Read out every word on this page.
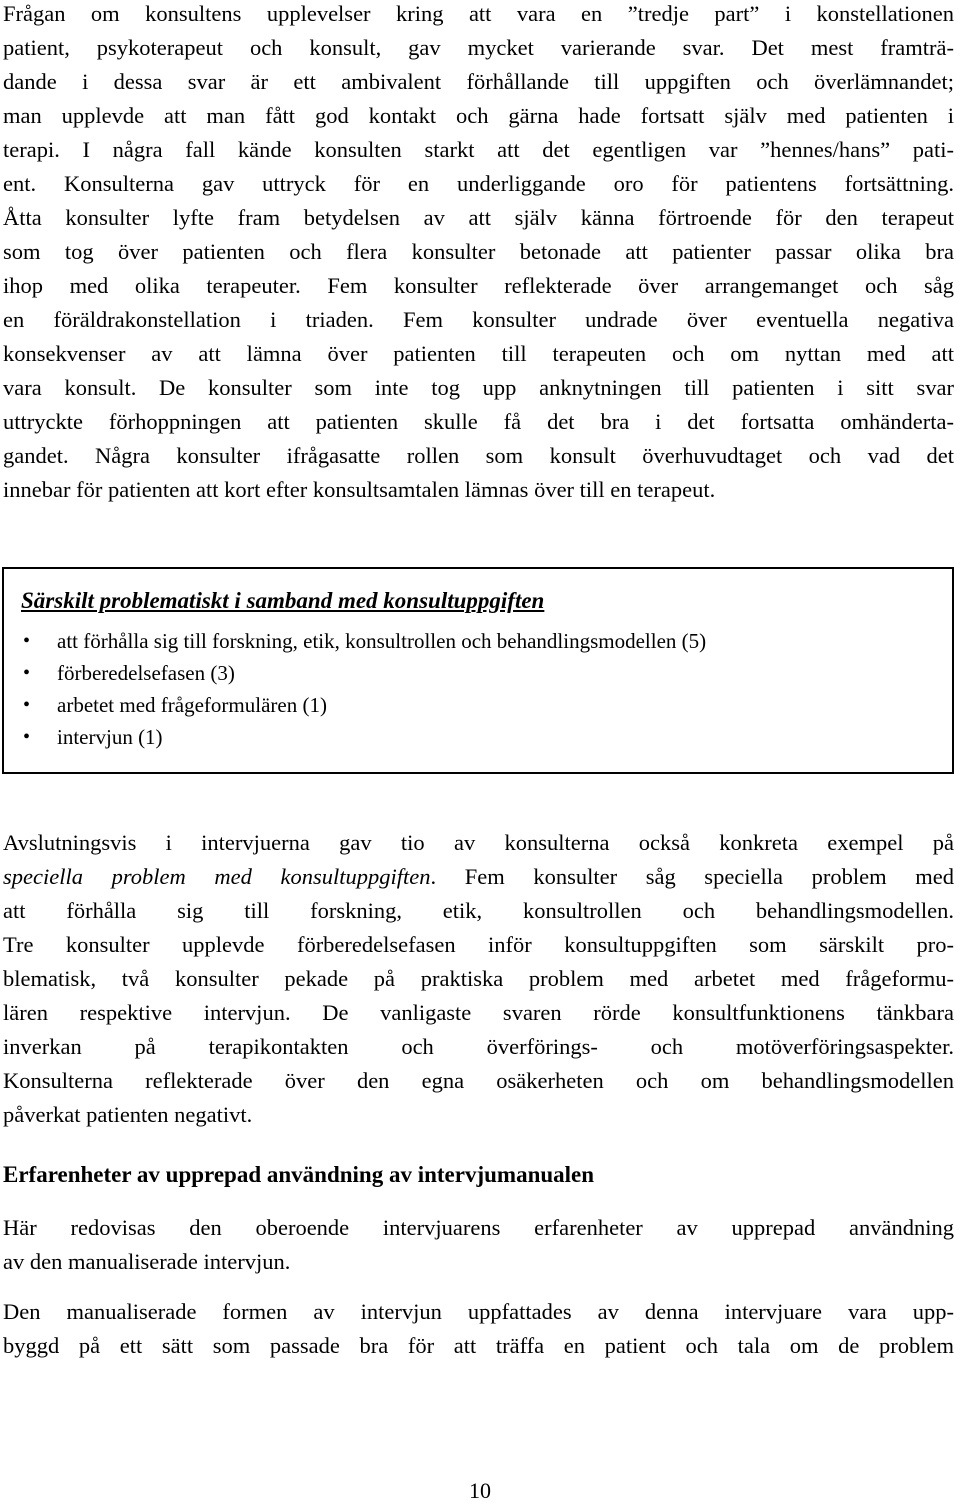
Frågan om konsultens upplevelser kring att vara en ”tredje part” i konstellationen
patient, psykoterapeut och konsult, gav mycket varierande svar. Det mest framträ-
dande i dessa svar är ett ambivalent förhållande till uppgiften och överlämnandet;
man upplevde att man fått god kontakt och gärna hade fortsatt själv med patienten i
terapi. I några fall kände konsulten starkt att det egentligen var ”hennes/hans” pati-
ent. Konsulterna gav uttryck för en underliggande oro för patientens fortsättning.
Åtta konsulter lyfte fram betydelsen av att själv känna förtroende för den terapeut
som tog över patienten och flera konsulter betonade att patienter passar olika bra
ihop med olika terapeuter. Fem konsulter reflekterade över arrangemanget och såg
en föräldrakonstellation i triaden. Fem konsulter undrade över eventuella negativa
konsekvenser av att lämna över patienten till terapeuten och om nyttan med att
vara konsult. De konsulter som inte tog upp anknytningen till patienten i sitt svar
uttryckte förhoppningen att patienten skulle få det bra i det fortsatta omhänderta-
gandet. Några konsulter ifrågasatte rollen som konsult överhuvudtaget och vad det
innebar för patienten att kort efter konsultsamtalen lämnas över till en terapeut.

Särskilt problematiskt i samband med konsultuppgiften

• att förhålla sig till forskning, etik, konsultrollen och behandlingsmodellen (5)
• förberedelsefasen (3)
• arbetet med frågeformulären (1)
• intervjun (1)
Avslutningsvis i intervjuerna gav tio av konsulterna också konkreta exempel på
speciella problem med konsultuppgiften. Fem konsulter såg speciella problem med
att förhålla sig till forskning, etik, konsultrollen och behandlingsmodellen.
Tre konsulter upplevde förberedelsefasen inför konsultuppgiften som särskilt pro-
blematisk, två konsulter pekade på praktiska problem med arbetet med frågeformu-
lären respektive intervjun. De vanligaste svaren rörde konsultfunktionens tänkbara
inverkan på terapikontakten och överförings- och motöverföringsaspekter.
Konsulterna reflekterade över den egna osäkerheten och om behandlingsmodellen
påverkat patienten negativt.
Erfarenheter av upprepad användning av intervjumanualen
Här redovisas den oberoende intervjuarens erfarenheter av upprepad användning
av den manualiserade intervjun.
Den manualiserade formen av intervjun uppfattades av denna intervjuare vara upp-
byggd på ett sätt som passade bra för att träffa en patient och tala om de problem
10
